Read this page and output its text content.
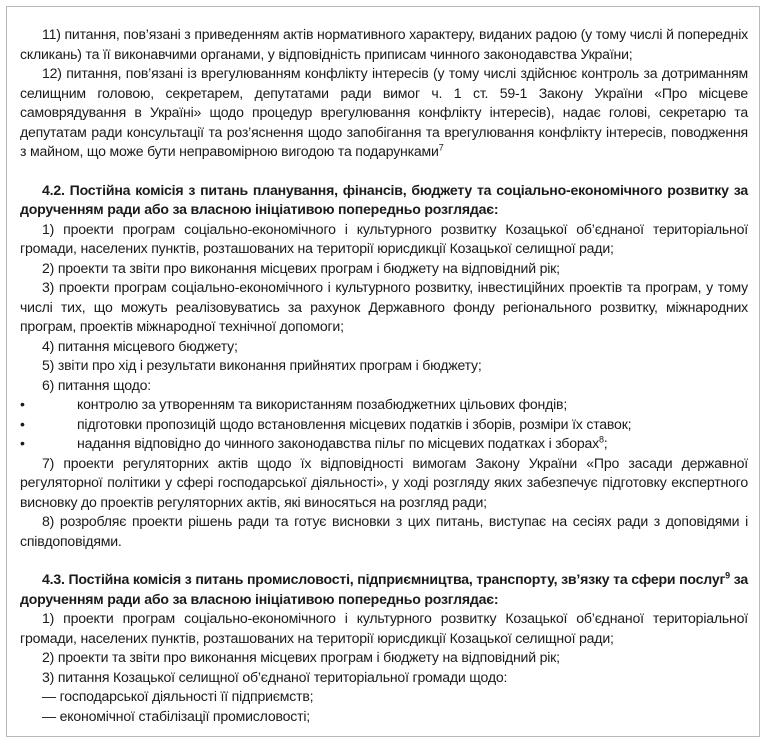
11) питання, пов’язані з приведенням актів нормативного характеру, виданих радою (у тому числі й попередніх скликань) та її виконавчими органами, у відповідність приписам чинного законодавства України;

12) питання, пов’язані із врегулюванням конфлікту інтересів (у тому числі здійснює контроль за дотриманням селищним головою, секретарем, депутатами ради вимог ч. 1 ст. 59-1 Закону України «Про місцеве самоврядування в Україні» щодо процедур врегулювання конфлікту інтересів), надає голові, секретарю та депутатам ради консультації та роз’яснення щодо запобігання та врегулювання конфлікту інтересів, поводження з майном, що може бути неправомірною вигодою та подарунками$^7$

4.2. Постійна комісія з питань планування, фінансів, бюджету та соціально-економічного розвитку за дорученням ради або за власною ініціативою попередньо розглядає:

1) проекти програм соціально-економічного і культурного розвитку Козацької об’єднаної територіальної громади, населених пунктів, розташованих на території юрисдикції Козацької селищної ради;

2) проекти та звіти про виконання місцевих програм і бюджету на відповідний рік;

3) проекти програм соціально-економічного і культурного розвитку, інвестиційних проектів та програм, у тому числі тих, що можуть реалізовуватись за рахунок Державного фонду регіонального розвитку, міжнародних програм, проектів міжнародної технічної допомоги;

4) питання місцевого бюджету;

5) звіти про хід і результати виконання прийнятих програм і бюджету;

6) питання щодо:

•	контролю за утворенням та використанням позабюджетних цільових фондів;

•	підготовки пропозицій щодо встановлення місцевих податків і зборів, розміри їх ставок;

•	надання відповідно до чинного законодавства пільг по місцевих податках і зборах$^8$;

7) проекти регуляторних актів щодо їх відповідності вимогам Закону України «Про засади державної регуляторної політики у сфері господарської діяльності», у ході розгляду яких забезпечує підготовку експертного висновку до проектів регуляторних актів, які виносяться на розгляд ради;

8) розробляє проекти рішень ради та готує висновки з цих питань, виступає на сесіях ради з доповідями і співдоповідями.

4.3. Постійна комісія з питань промисловості, підприємництва, транспорту, зв’язку та сфери послуг$^9$ за дорученням ради або за власною ініціативою попередньо розглядає:

1) проекти програм соціально-економічного і культурного розвитку Козацької об’єднаної територіальної громади, населених пунктів, розташованих на території юрисдикції Козацької селищної ради;

2) проекти та звіти про виконання місцевих програм і бюджету на відповідний рік;

3) питання Козацької селищної об’єднаної територіальної громади щодо:

— господарської діяльності її підприємств;

— економічної стабілізації промисловості;
